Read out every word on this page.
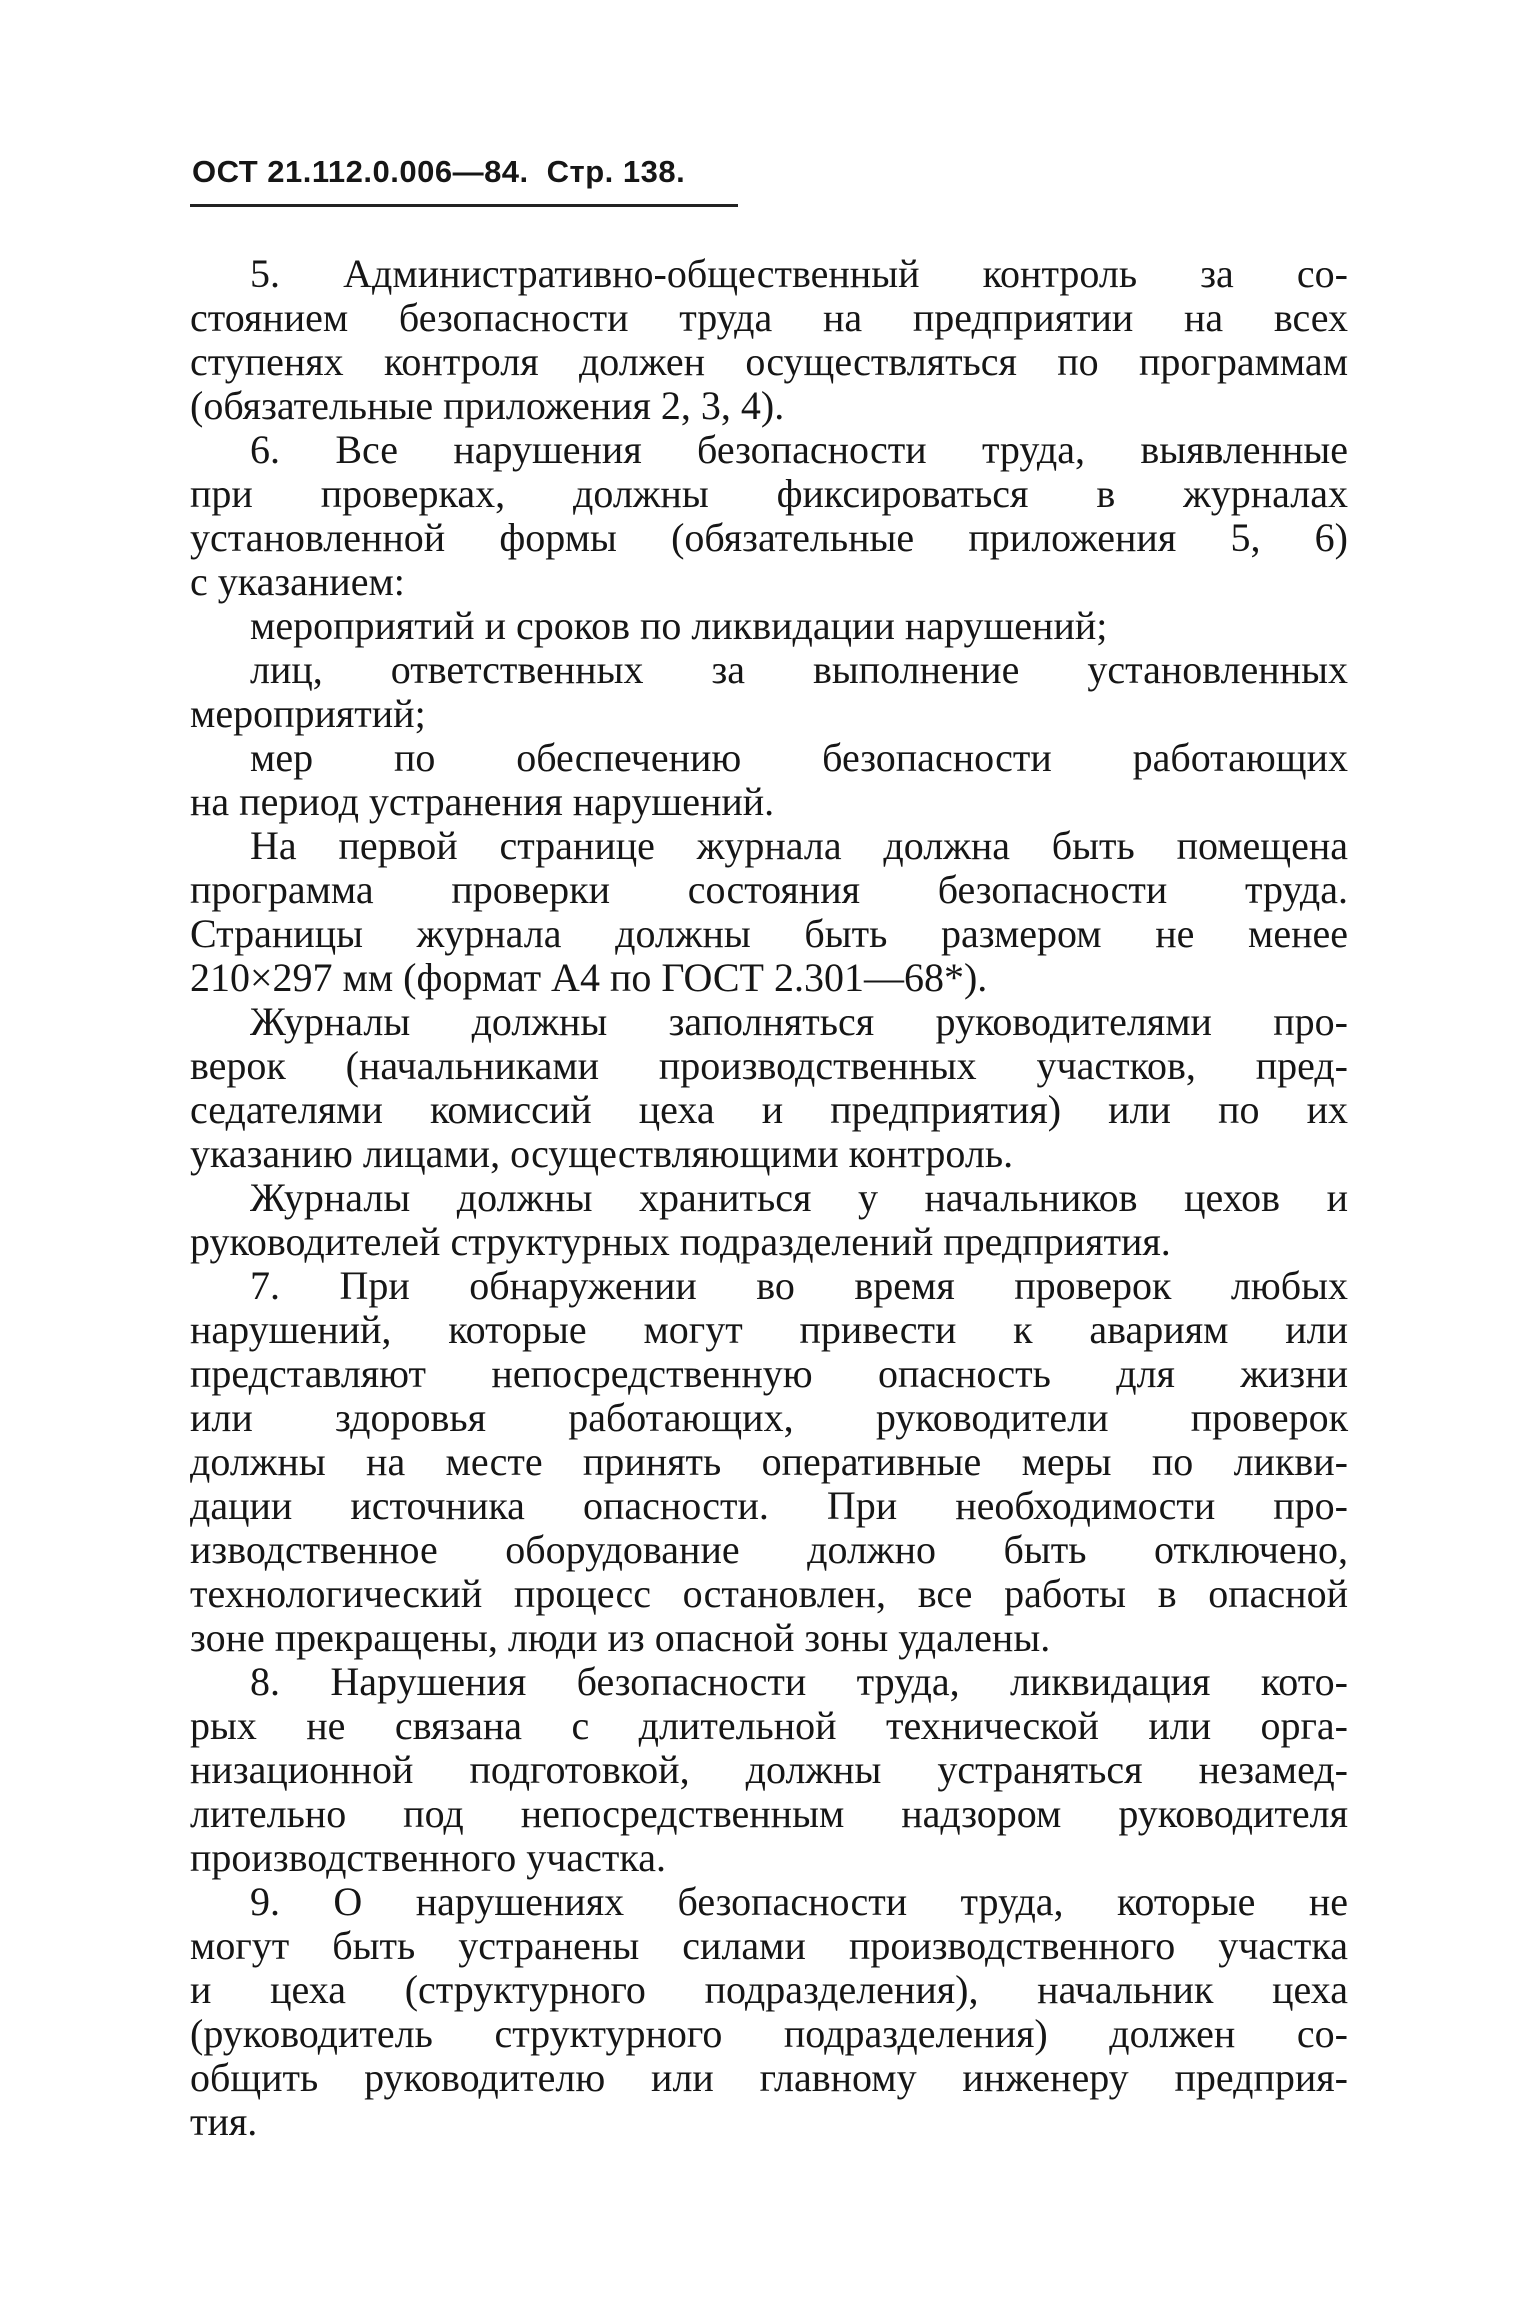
ОСТ 21.112.0.006—84. Стр. 138.
5. Административно-общественный контроль за со-
стоянием безопасности труда на предприятии на всех
ступенях контроля должен осуществляться по программам
(обязательные приложения 2, 3, 4).
6. Все нарушения безопасности труда, выявленные
при проверках, должны фиксироваться в журналах
установленной формы (обязательные приложения 5, 6)
с указанием:
мероприятий и сроков по ликвидации нарушений;
лиц, ответственных за выполнение установленных
мероприятий;
мер по обеспечению безопасности работающих
на период устранения нарушений.
На первой странице журнала должна быть помещена
программа проверки состояния безопасности труда.
Страницы журнала должны быть размером не менее
210×297 мм (формат А4 по ГОСТ 2.301—68*).
Журналы должны заполняться руководителями про-
верок (начальниками производственных участков, пред-
седателями комиссий цеха и предприятия) или по их
указанию лицами, осуществляющими контроль.
Журналы должны храниться у начальников цехов и
руководителей структурных подразделений предприятия.
7. При обнаружении во время проверок любых
нарушений, которые могут привести к авариям или
представляют непосредственную опасность для жизни
или здоровья работающих, руководители проверок
должны на месте принять оперативные меры по ликви-
дации источника опасности. При необходимости про-
изводственное оборудование должно быть отключено,
технологический процесс остановлен, все работы в опасной
зоне прекращены, люди из опасной зоны удалены.
8. Нарушения безопасности труда, ликвидация кото-
рых не связана с длительной технической или орга-
низационной подготовкой, должны устраняться незамед-
лительно под непосредственным надзором руководителя
производственного участка.
9. О нарушениях безопасности труда, которые не
могут быть устранены силами производственного участка
и цеха (структурного подразделения), начальник цеха
(руководитель структурного подразделения) должен со-
общить руководителю или главному инженеру предприя-
тия.
